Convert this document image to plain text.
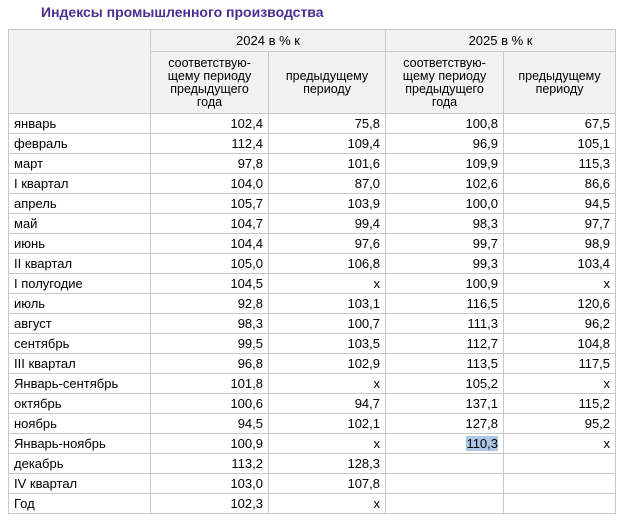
Индексы промышленного производства
	2024 в % к		2025 в % к	
	соответствую-щему периоду предыдущего года	предыдущему периоду	соответствую-щему периоду предыдущего года	предыдущему периоду
январь	102,4	75,8	100,8	67,5
февраль	112,4	109,4	96,9	105,1
март	97,8	101,6	109,9	115,3
I квартал	104,0	87,0	102,6	86,6
апрель	105,7	103,9	100,0	94,5
май	104,7	99,4	98,3	97,7
июнь	104,4	97,6	99,7	98,9
II квартал	105,0	106,8	99,3	103,4
I полугодие	104,5	x	100,9	x
июль	92,8	103,1	116,5	120,6
август	98,3	100,7	111,3	96,2
сентябрь	99,5	103,5	112,7	104,8
III квартал	96,8	102,9	113,5	117,5
Январь-сентябрь	101,8	x	105,2	x
октябрь	100,6	94,7	137,1	115,2
ноябрь	94,5	102,1	127,8	95,2
Январь-ноябрь	100,9	x	110,3	x
декабрь	113,2	128,3		
IV квартал	103,0	107,8		
Год	102,3	x		
